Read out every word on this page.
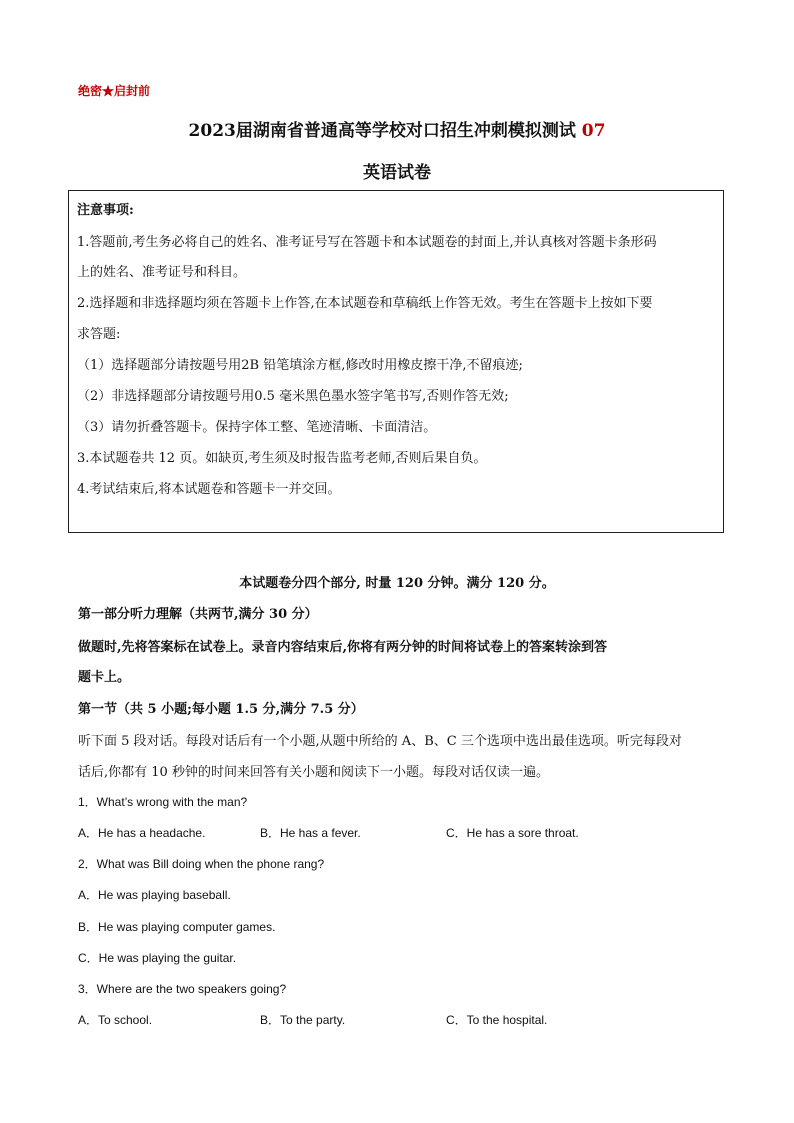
绝密★启封前
2023届湖南省普通高等学校对口招生冲刺模拟测试 07
英语试卷
注意事项:
1.答题前,考生务必将自己的姓名、准考证号写在答题卡和本试题卷的封面上,并认真核对答题卡条形码
上的姓名、准考证号和科目。
2.选择题和非选择题均须在答题卡上作答,在本试题卷和草稿纸上作答无效。考生在答题卡上按如下要
求答题:
（1）选择题部分请按题号用2B 铅笔填涂方框,修改时用橡皮擦干净,不留痕迹;
（2）非选择题部分请按题号用0.5 毫米黑色墨水签字笔书写,否则作答无效;
（3）请勿折叠答题卡。保持字体工整、笔迹清晰、卡面清洁。
3.本试题卷共 12 页。如缺页,考生须及时报告监考老师,否则后果自负。
4.考试结束后,将本试题卷和答题卡一并交回。
本试题卷分四个部分, 时量 120 分钟。满分 120 分。
第一部分听力理解（共两节,满分 30 分）
做题时,先将答案标在试卷上。录音内容结束后,你将有两分钟的时间将试卷上的答案转涂到答
题卡上。
第一节（共 5 小题;每小题 1.5 分,满分 7.5 分）
听下面 5 段对话。每段对话后有一个小题,从题中所给的 A、B、C 三个选项中选出最佳选项。听完每段对
话后,你都有 10 秒钟的时间来回答有关小题和阅读下一小题。每段对话仅读一遍。
1．What’s wrong with the man?
A．He has a headache.	B．He has a fever.	C．He has a sore throat.
2．What was Bill doing when the phone rang?
A．He was playing baseball.
B．He was playing computer games.
C．He was playing the guitar.
3．Where are the two speakers going?
A．To school.	B．To the party.	C．To the hospital.
